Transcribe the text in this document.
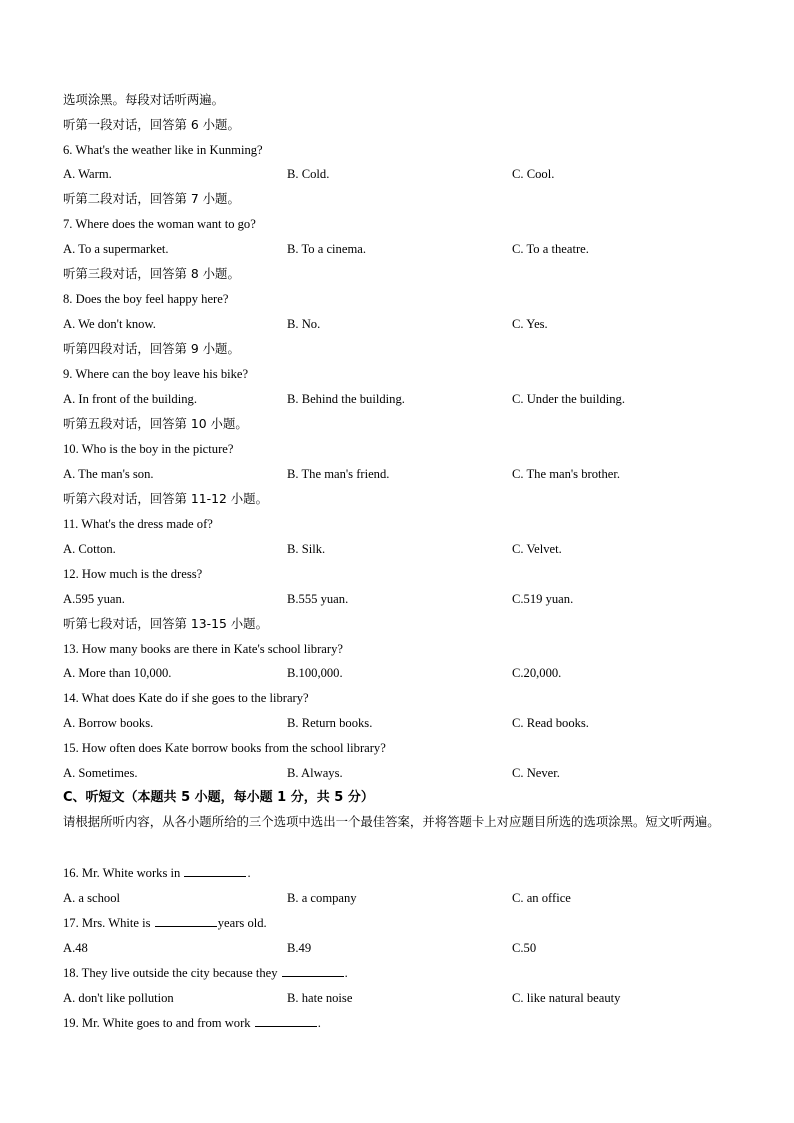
选项涂黑。每段对话听两遍。
听第一段对话，回答第 6 小题。
6. What's the weather like in Kunming?
A. Warm.	B. Cold.	C. Cool.
听第二段对话，回答第 7 小题。
7. Where does the woman want to go?
A. To a supermarket.	B. To a cinema.	C. To a theatre.
听第三段对话，回答第 8 小题。
8. Does the boy feel happy here?
A. We don't know.	B. No.	C. Yes.
听第四段对话，回答第 9 小题。
9. Where can the boy leave his bike?
A. In front of the building.	B. Behind the building.	C. Under the building.
听第五段对话，回答第 10 小题。
10. Who is the boy in the picture?
A. The man's son.	B. The man's friend.	C. The man's brother.
听第六段对话，回答第 11-12 小题。
11. What's the dress made of?
A. Cotton.	B. Silk.	C. Velvet.
12. How much is the dress?
A.595 yuan.	B.555 yuan.	C.519 yuan.
听第七段对话，回答第 13-15 小题。
13. How many books are there in Kate's school library?
A. More than 10,000.	B.100,000.	C.20,000.
14. What does Kate do if she goes to the library?
A. Borrow books.	B. Return books.	C. Read books.
15. How often does Kate borrow books from the school library?
A. Sometimes.	B. Always.	C. Never.
C、听短文（本题共 5 小题，每小题 1 分，共 5 分）
请根据所听内容，从各小题所给的三个选项中选出一个最佳答案，并将答题卡上对应题目所选的选项涂黑。短文听两遍。
16. Mr. White works in	.
A. a school	B. a company	C. an office
17. Mrs. White is	years old.
A.48	B.49	C.50
18. They live outside the city because they	.
A. don't like pollution	B. hate noise	C. like natural beauty
19. Mr. White goes to and from work	.
